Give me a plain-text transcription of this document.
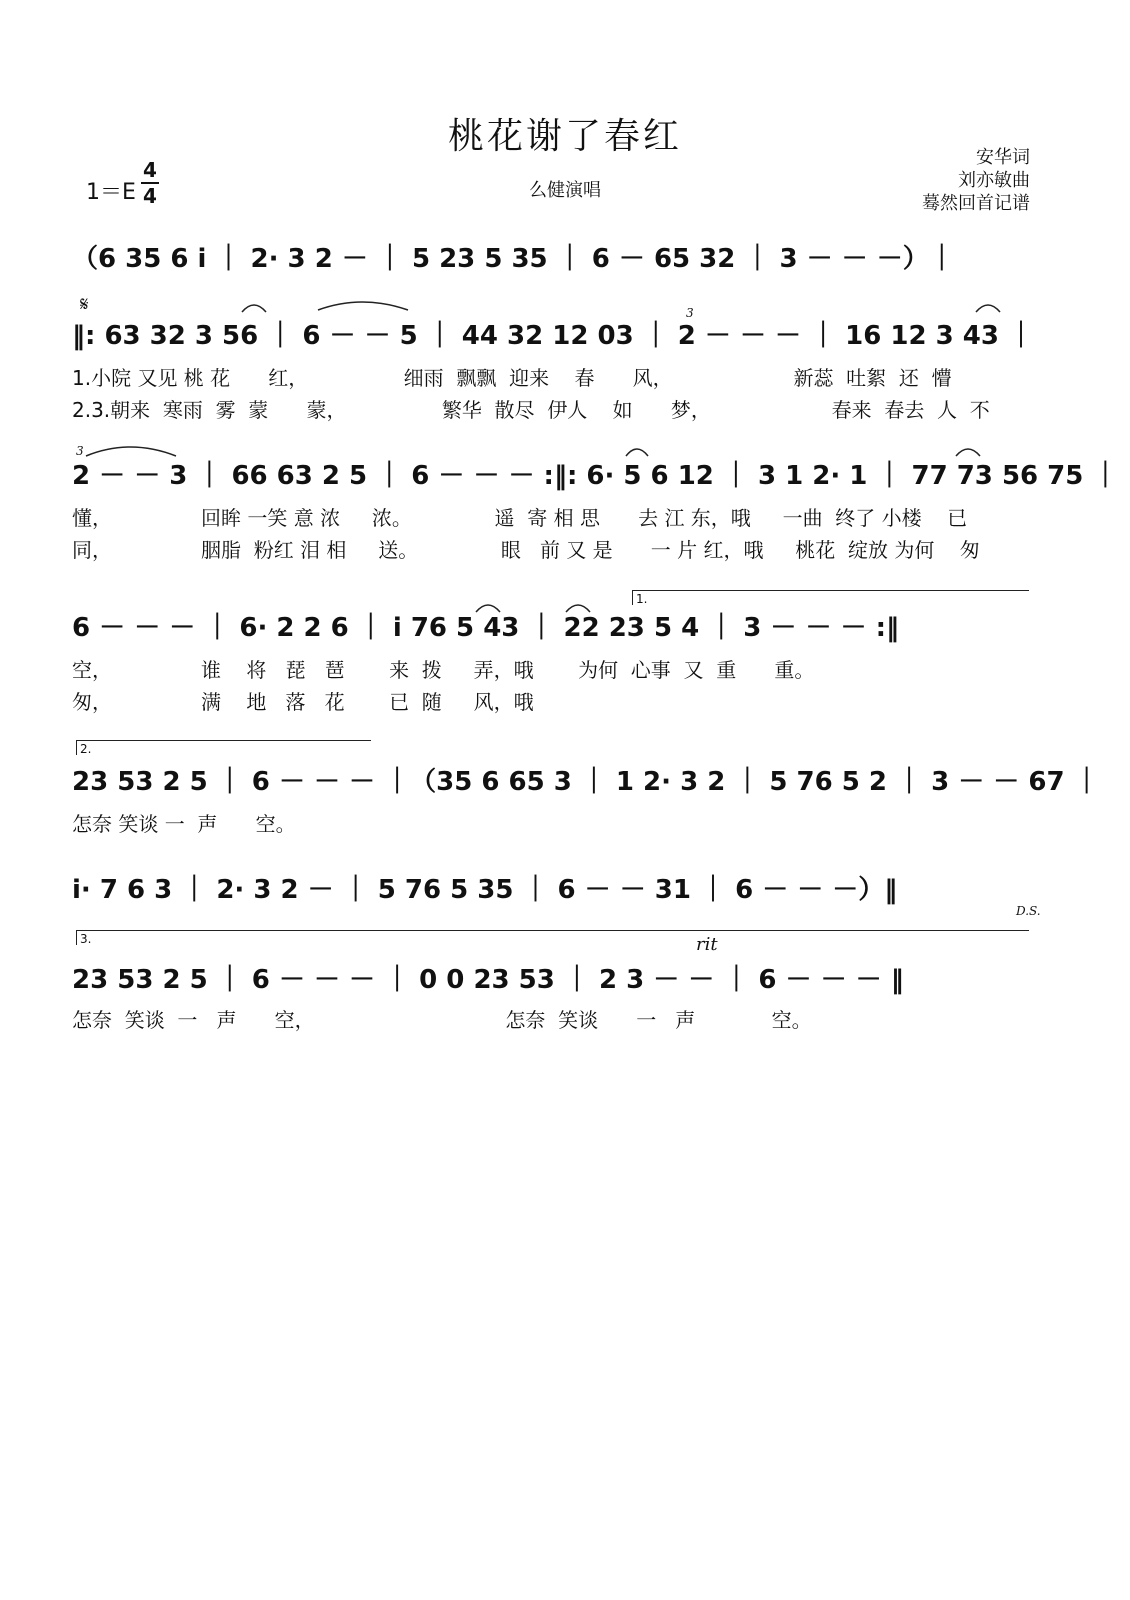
桃花谢了春红
安华词
刘亦敏曲
蓦然回首记谱
么健演唱
1＝E
4
4
（6 35 6 i ｜ 2· 3 2 － ｜ 5 23 5 35 ｜ 6 － 65 32 ｜ 3 － － －）｜
𝄋
‖: 63 32 3 56 ｜ 6 － － 5 ｜ 44 32 12 03 ｜ 2 － － － ｜ 16 12 3 43 ｜
3
1.小院 又见 桃 花      红，               细雨  飘飘  迎来    春      风，                   新蕊  吐絮  还  懵
2.3.朝来  寒雨  雾  蒙      蒙，               繁华  散尽  伊人    如      梦，                   春来  春去  人  不
3
2 － － 3 ｜ 66 63 2 5 ｜ 6 － － － :‖: 6· 5 6 12 ｜ 3 1 2· 1 ｜ 77 73 56 75 ｜
懂，              回眸 一笑 意 浓     浓。             遥  寄 相 思      去 江 东，哦     一曲  终了 小楼    已
同，              胭脂  粉红 泪 相     送。             眼   前 又 是      一 片 红，哦     桃花  绽放 为何    匆
1.
6 － － － ｜ 6· 2 2 6 ｜ i 76 5 43 ｜ 22 23 5 4 ｜ 3 － － － :‖
空，              谁    将   琵   琶       来  拨     弄，哦       为何  心事  又  重      重。
匆，              满    地   落   花       已  随     风，哦
2.
23 53 2 5 ｜ 6 － － － ｜（35 6 65 3 ｜ 1 2· 3 2 ｜ 5 76 5 2 ｜ 3 － － 67 ｜
怎奈 笑谈 一  声      空。
i· 7 6 3 ｜ 2· 3 2 － ｜ 5 76 5 35 ｜ 6 － － 31 ｜ 6 － － －）‖
D.S.
3.	rit
23 53 2 5 ｜ 6 － － － ｜ 0 0 23 53 ｜ 2 3 － － ｜ 6 － － － ‖
怎奈  笑谈  一   声      空，                              怎奈  笑谈      一   声            空。
